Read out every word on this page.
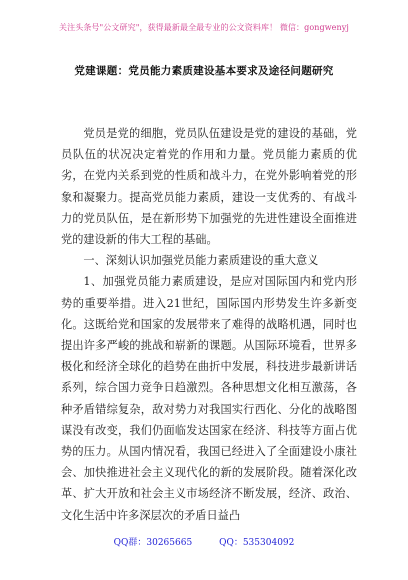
关注头条号"公文研究"，获得最新最全最专业的公文资料库！ 微信：gongwenyj
党建课题：党员能力素质建设基本要求及途径问题研究

党员是党的细胞，党员队伍建设是党的建设的基础，党员队伍的状况决定着党的作用和力量。党员能力素质的优劣，在党内关系到党的性质和战斗力，在党外影响着党的形象和凝聚力。提高党员能力素质，建设一支优秀的、有战斗力的党员队伍，是在新形势下加强党的先进性建设全面推进党的建设新的伟大工程的基础。

一、深刻认识加强党员能力素质建设的重大意义

1、加强党员能力素质建设，是应对国际国内和党内形势的重要举措。进入21世纪，国际国内形势发生许多新变化。这既给党和国家的发展带来了难得的战略机遇，同时也提出许多严峻的挑战和崭新的课题。从国际环境看，世界多极化和经济全球化的趋势在曲折中发展，科技进步最新讲话系列，综合国力竞争日趋激烈。各种思想文化相互激荡，各种矛盾错综复杂，敌对势力对我国实行西化、分化的战略图谋没有改变，我们仍面临发达国家在经济、科技等方面占优势的压力。从国内情况看，我国已经进入了全面建设小康社会、加快推进社会主义现代化的新的发展阶段。随着深化改革、扩大开放和社会主义市场经济不断发展，经济、政治、文化生活中许多深层次的矛盾日益凸

QQ群：30265665	QQ：535304092
